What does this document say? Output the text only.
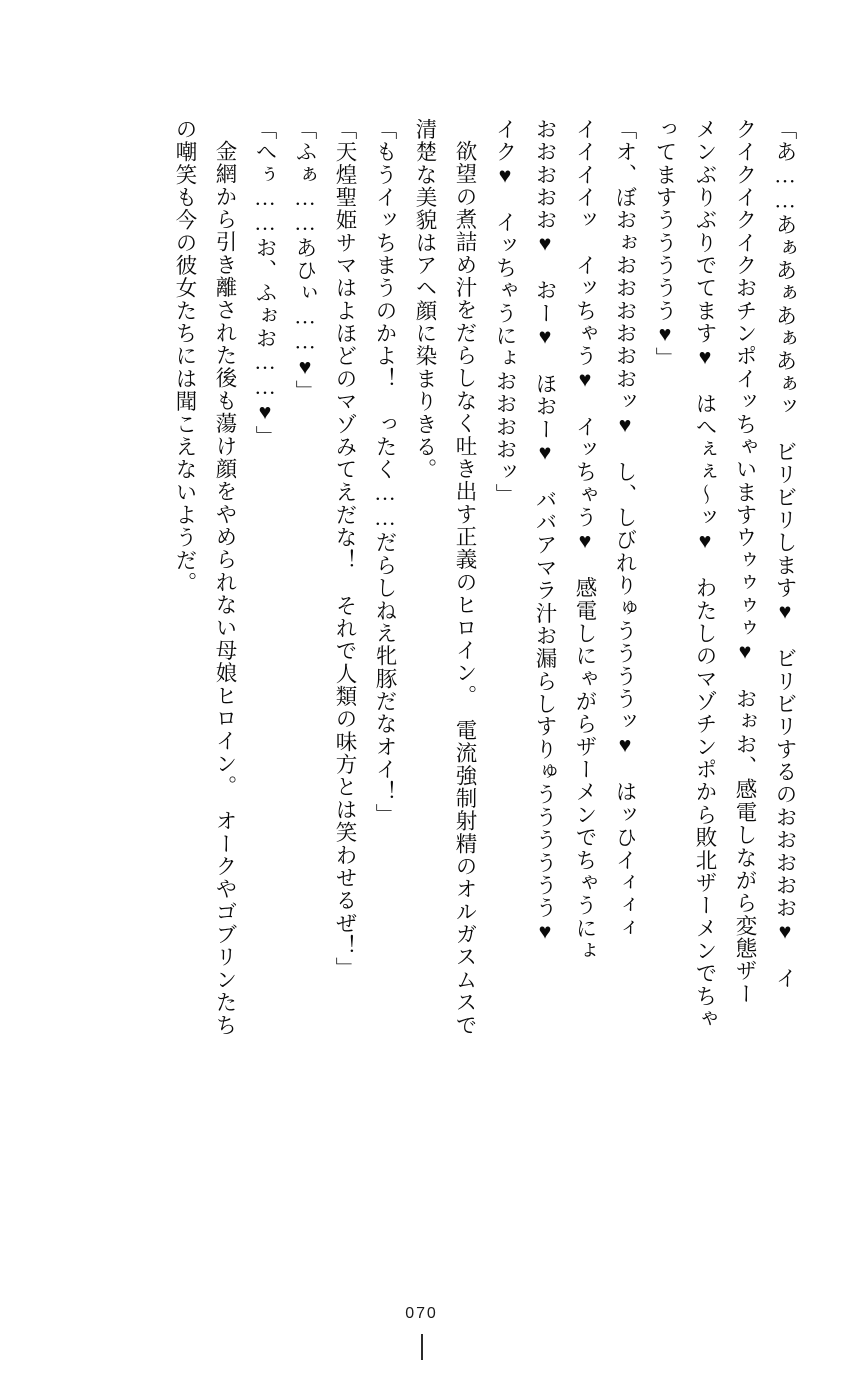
「あ……あぁあぁあぁあぁッ　ビリビリします♥　ビリビリするのおおおおお♥　イ
クイクイクイクおチンポイッちゃいますウゥゥゥゥ♥　おぉお、感電しながら変態ザー
メンぶりぶりでてます♥　はへぇぇ～ッ♥　わたしのマゾチンポから敗北ザーメンでちゃ
ってますううううう♥」
「オ、ぼおぉおおおおおおッ♥　し、しびれりゅううううッ♥　はッひイィィィ
イイイイッ　イッちゃう♥　イッちゃう♥　感電しにゃがらザーメンでちゃうにょ
おおおおお♥　おー♥　ほおー♥　ババアマラ汁お漏らしすりゅうううううう♥
イク♥　イッちゃうにょおおおおッ」
欲望の煮詰め汁をだらしなく吐き出す正義のヒロイン。　電流強制射精のオルガスムスで
清楚な美貌はアヘ顔に染まりきる。
「もうイッちまうのかよ！　ったく……だらしねえ牝豚だなオイ！」
「天煌聖姫サマはよほどのマゾみてえだな！　それで人類の味方とは笑わせるぜ！」
「ふぁ……あひぃ……♥」
「へぅ……お、ふぉお……♥」
金網から引き離された後も蕩け顔をやめられない母娘ヒロイン。　オークやゴブリンたち
の嘲笑も今の彼女たちには聞こえないようだ。
070
